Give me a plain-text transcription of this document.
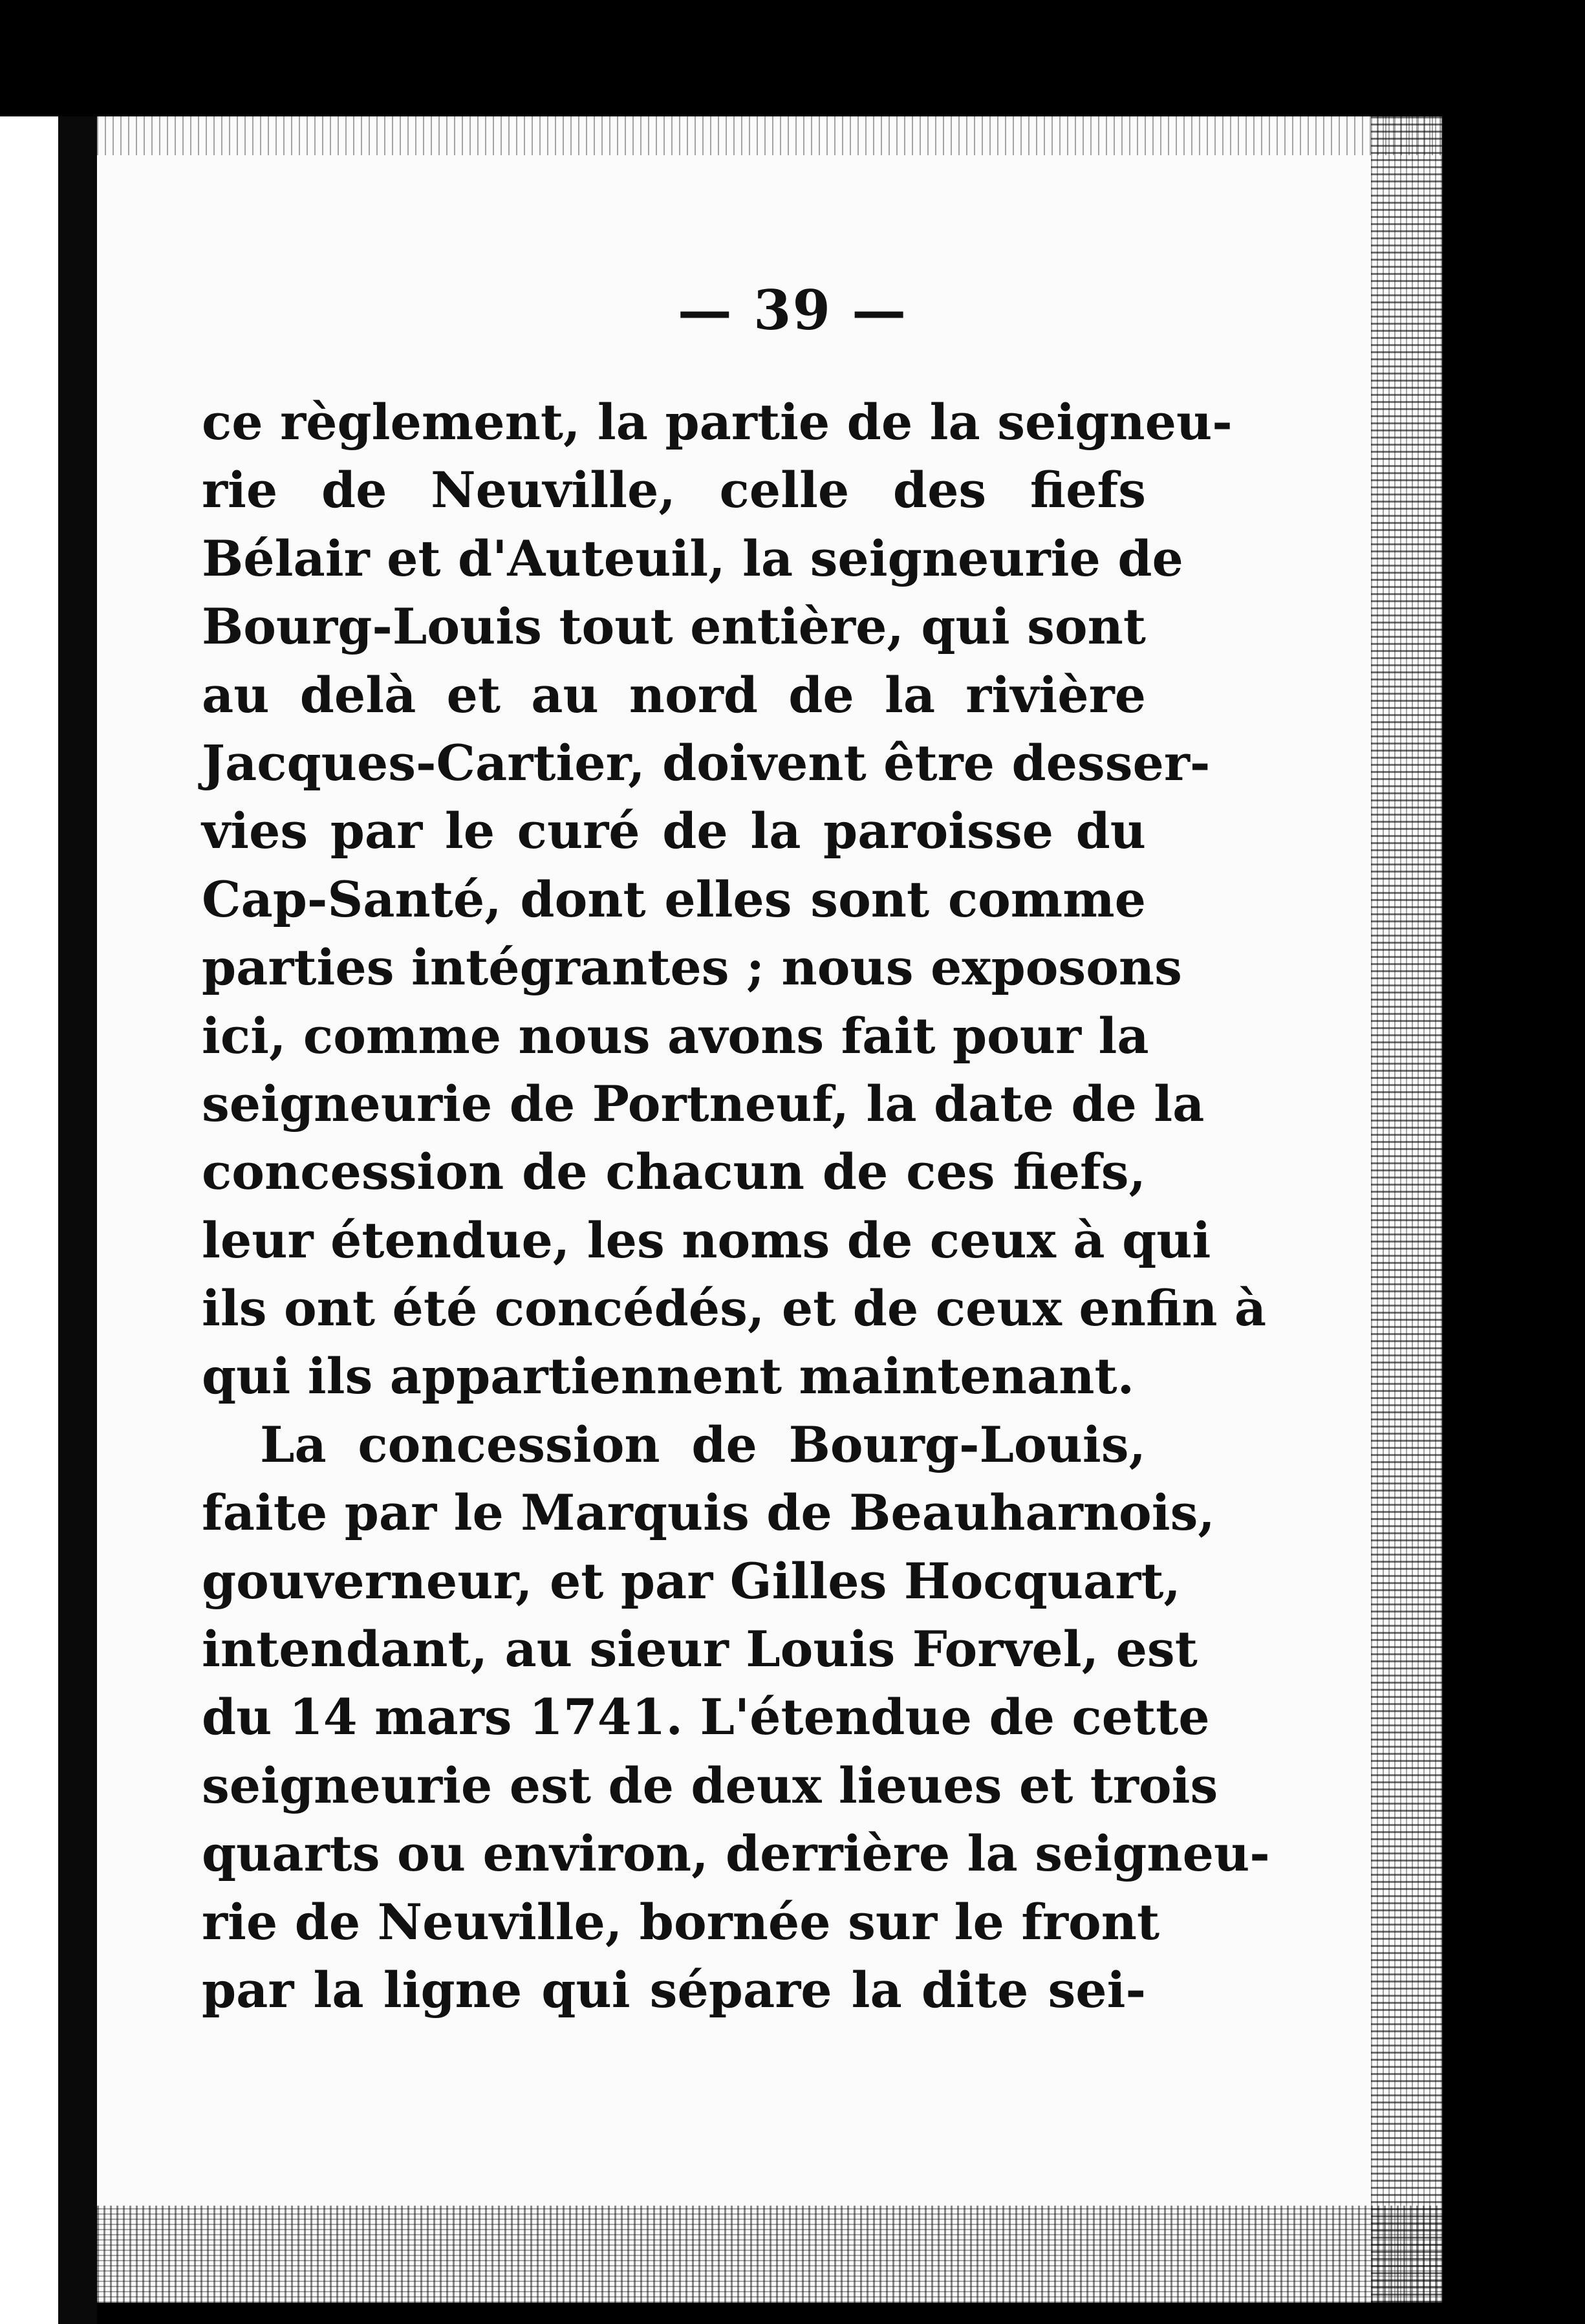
— 39 —
ce règlement, la partie de la seigneu-
rie de Neuville, celle des fiefs
Bélair et d'Auteuil, la seigneurie de
Bourg-Louis tout entière, qui sont
au delà et au nord de la rivière
Jacques-Cartier, doivent être desser-
vies par le curé de la paroisse du
Cap-Santé, dont elles sont comme
parties intégrantes ; nous exposons
ici, comme nous avons fait pour la
seigneurie de Portneuf, la date de la
concession de chacun de ces fiefs,
leur étendue, les noms de ceux à qui
ils ont été concédés, et de ceux enfin à
qui ils appartiennent maintenant.
La concession de Bourg-Louis,
faite par le Marquis de Beauharnois,
gouverneur, et par Gilles Hocquart,
intendant, au sieur Louis Forvel, est
du 14 mars 1741. L'étendue de cette
seigneurie est de deux lieues et trois
quarts ou environ, derrière la seigneu-
rie de Neuville, bornée sur le front
par la ligne qui sépare la dite sei-
